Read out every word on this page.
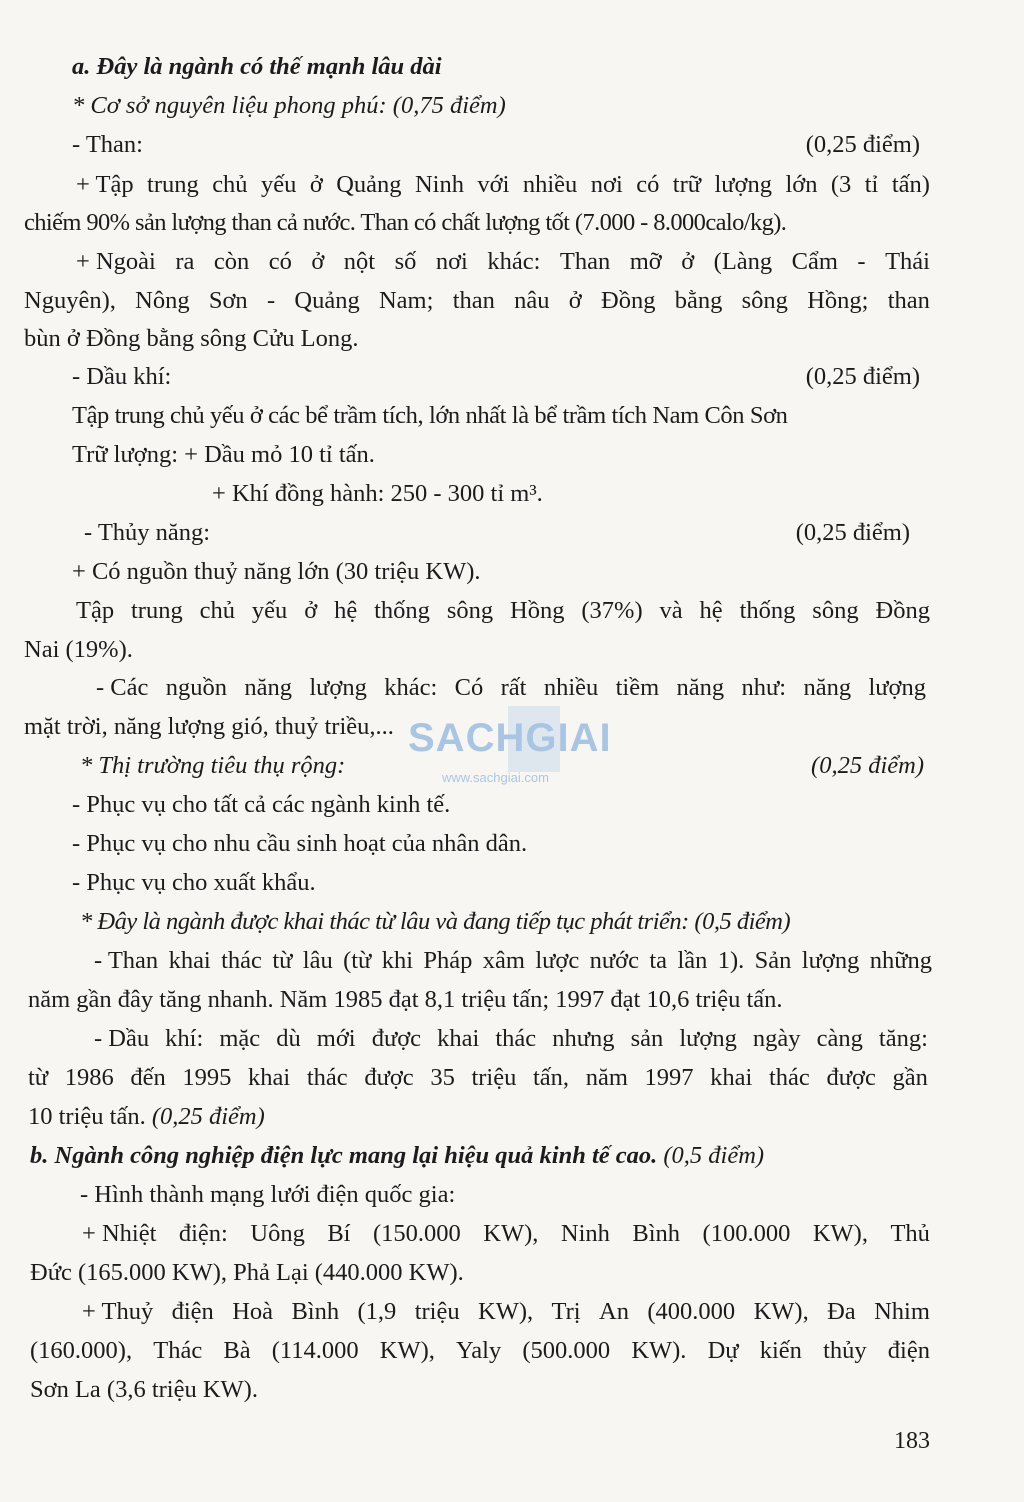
a. Đây là ngành có thế mạnh lâu dài
* Cơ sở nguyên liệu phong phú: (0,75 điểm)
- Than:	(0,25 điểm)
+ Tập trung chủ yếu ở Quảng Ninh với nhiều nơi có trữ lượng lớn (3 tỉ tấn)
chiếm 90% sản lượng than cả nước. Than có chất lượng tốt (7.000 - 8.000calo/kg).
+ Ngoài ra còn có ở nột số nơi khác: Than mỡ ở (Làng Cẩm - Thái
Nguyên), Nông Sơn - Quảng Nam; than nâu ở Đồng bằng sông Hồng; than
bùn ở Đồng bằng sông Cửu Long.
- Dầu khí:	(0,25 điểm)
Tập trung chủ yếu ở các bể trầm tích, lớn nhất là bể trầm tích Nam Côn Sơn
Trữ lượng: + Dầu mỏ 10 tỉ tấn.
+ Khí đồng hành: 250 - 300 tỉ m³.
- Thủy năng:	(0,25 điểm)
+ Có nguồn thuỷ năng lớn (30 triệu KW).
Tập trung chủ yếu ở hệ thống sông Hồng (37%) và hệ thống sông Đồng
Nai (19%).
- Các nguồn năng lượng khác: Có rất nhiều tiềm năng như: năng lượng
mặt trời, năng lượng gió, thuỷ triều,...
* Thị trường tiêu thụ rộng:	(0,25 điểm)
- Phục vụ cho tất cả các ngành kinh tế.
- Phục vụ cho nhu cầu sinh hoạt của nhân dân.
- Phục vụ cho xuất khẩu.
* Đây là ngành được khai thác từ lâu và đang tiếp tục phát triển: (0,5 điểm)
- Than khai thác từ lâu (từ khi Pháp xâm lược nước ta lần 1). Sản lượng những
năm gần đây tăng nhanh. Năm 1985 đạt 8,1 triệu tấn; 1997 đạt 10,6 triệu tấn.
- Dầu khí: mặc dù mới được khai thác nhưng sản lượng ngày càng tăng:
từ 1986 đến 1995 khai thác được 35 triệu tấn, năm 1997 khai thác được gần
10 triệu tấn. (0,25 điểm)
b. Ngành công nghiệp điện lực mang lại hiệu quả kinh tế cao. (0,5 điểm)
- Hình thành mạng lưới điện quốc gia:
+ Nhiệt điện: Uông Bí (150.000 KW), Ninh Bình (100.000 KW), Thủ
Đức (165.000 KW), Phả Lại (440.000 KW).
+ Thuỷ điện Hoà Bình (1,9 triệu KW), Trị An (400.000 KW), Đa Nhim
(160.000), Thác Bà (114.000 KW), Yaly (500.000 KW). Dự kiến thủy điện
Sơn La (3,6 triệu KW).
SACHGIAI
www.sachgiai.com
183
